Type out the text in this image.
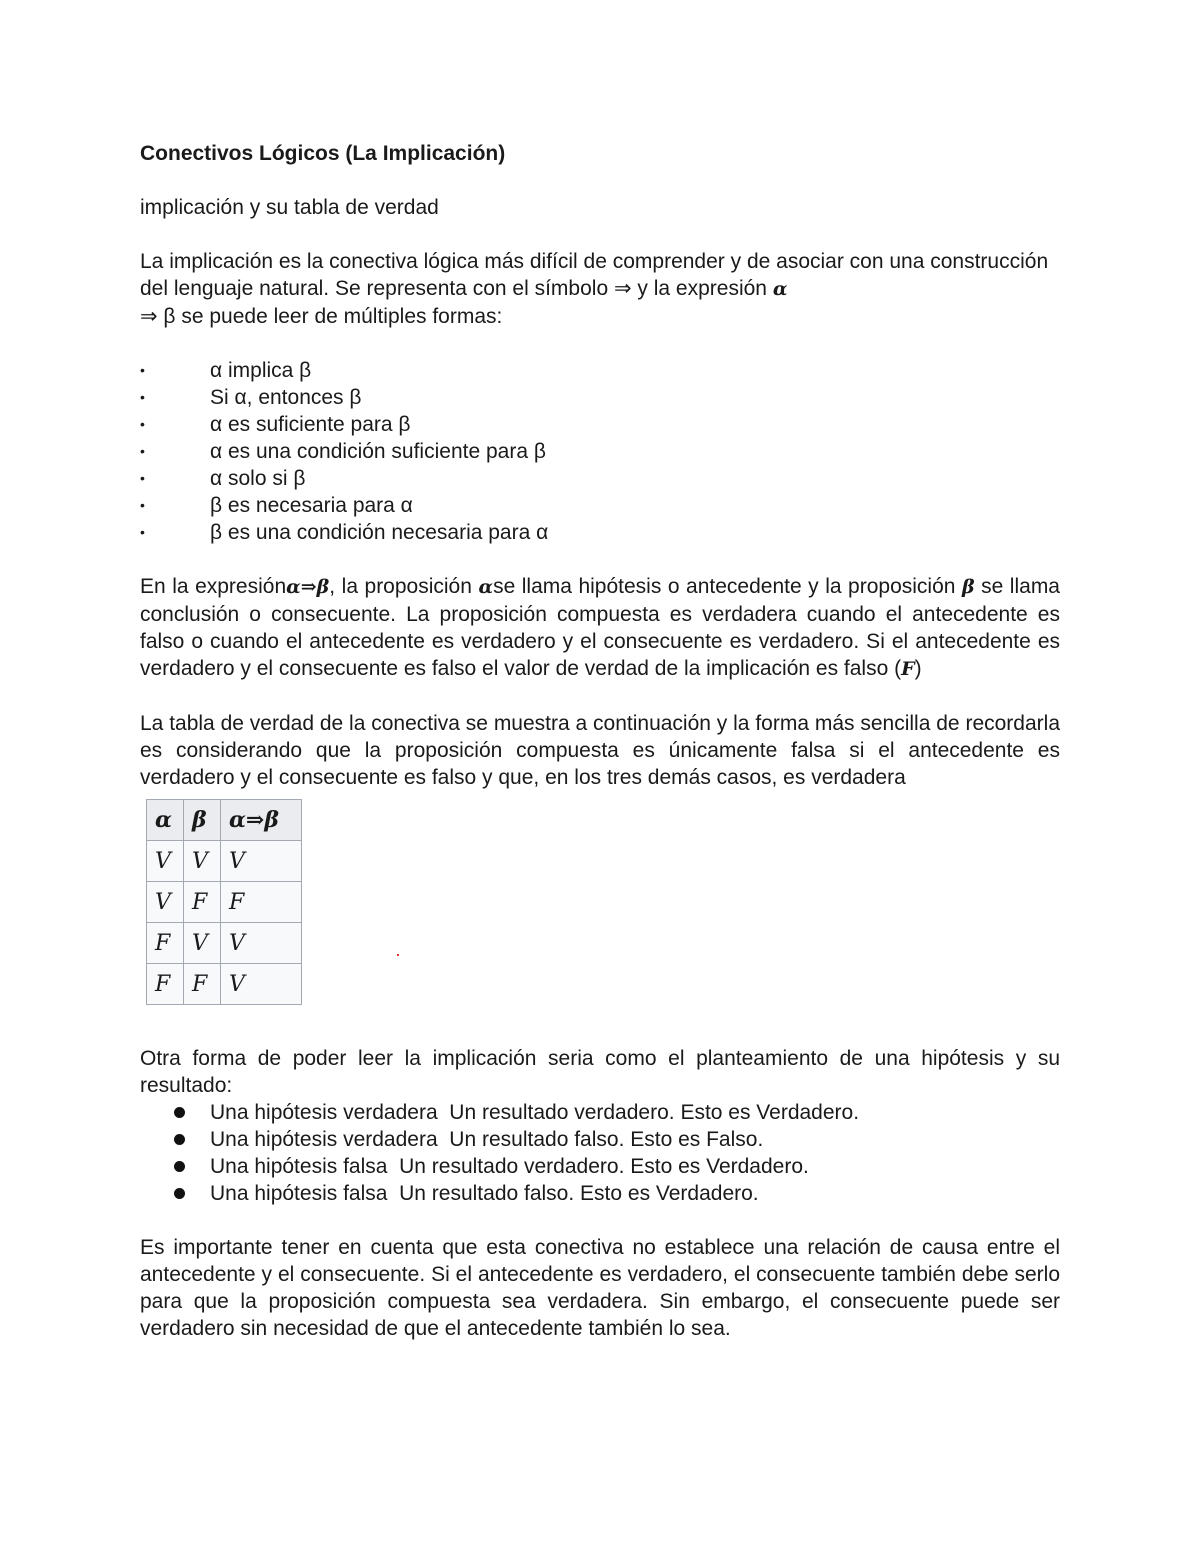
Conectivos Lógicos (La Implicación)

implicación y su tabla de verdad

La implicación es la conectiva lógica más difícil de comprender y de asociar con una construcción del lenguaje natural. Se representa con el símbolo ⇒ y la expresión α
⇒ β se puede leer de múltiples formas:

•	α implica β
•	Si α, entonces β
•	α es suficiente para β
•	α es una condición suficiente para β
•	α solo si β
•	β es necesaria para α
•	β es una condición necesaria para α

En la expresiónα⇒β, la proposición αse llama hipótesis o antecedente y la proposición β se llama conclusión o consecuente. La proposición compuesta es verdadera cuando el antecedente es falso o cuando el antecedente es verdadero y el consecuente es verdadero. Si el antecedente es verdadero y el consecuente es falso el valor de verdad de la implicación es falso (F)

La tabla de verdad de la conectiva se muestra a continuación y la forma más sencilla de recordarla es considerando que la proposición compuesta es únicamente falsa si el antecedente es verdadero y el consecuente es falso y que, en los tres demás casos, es verdadera

α	β	α⇒β
V	V	V
V	F	F
F	V	V
F	F	V

Otra forma de poder leer la implicación seria como el planteamiento de una hipótesis y su resultado:

Una hipótesis verdadera  Un resultado verdadero. Esto es Verdadero.
Una hipótesis verdadera  Un resultado falso. Esto es Falso.
Una hipótesis falsa  Un resultado verdadero. Esto es Verdadero.
Una hipótesis falsa  Un resultado falso. Esto es Verdadero.

Es importante tener en cuenta que esta conectiva no establece una relación de causa entre el antecedente y el consecuente. Si el antecedente es verdadero, el consecuente también debe serlo para que la proposición compuesta sea verdadera. Sin embargo, el consecuente puede ser verdadero sin necesidad de que el antecedente también lo sea.
